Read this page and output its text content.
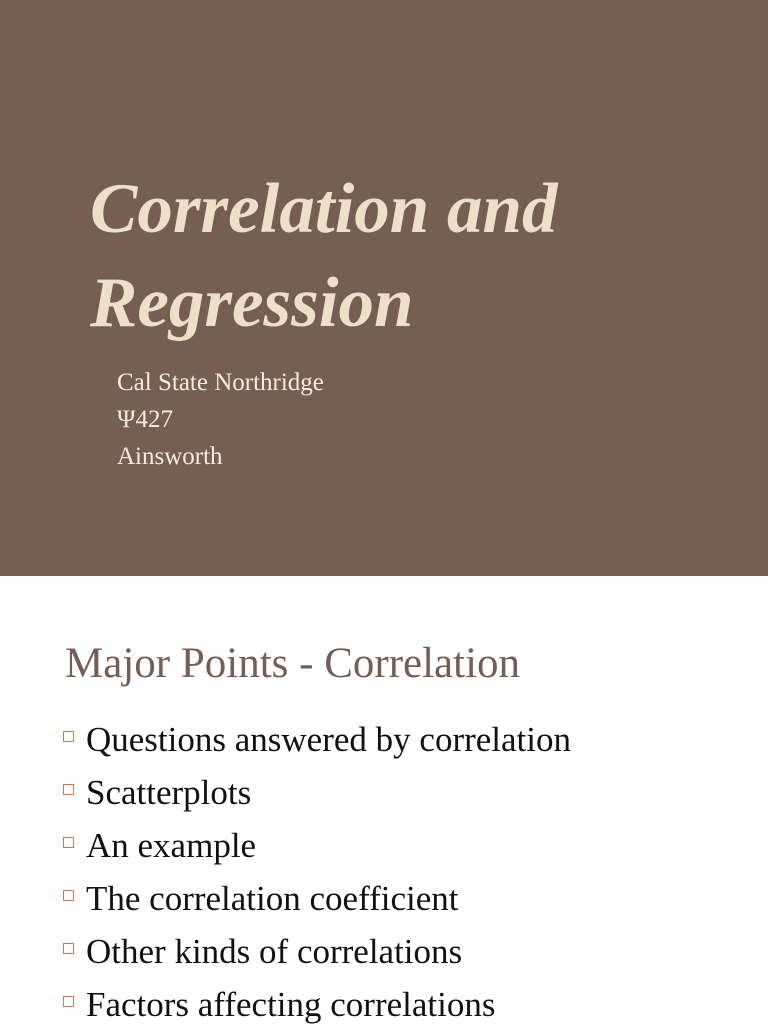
Correlation and
Regression
Cal State Northridge
Ψ427
Ainsworth
Major Points - Correlation
Questions answered by correlation
Scatterplots
An example
The correlation coefficient
Other kinds of correlations
Factors affecting correlations
